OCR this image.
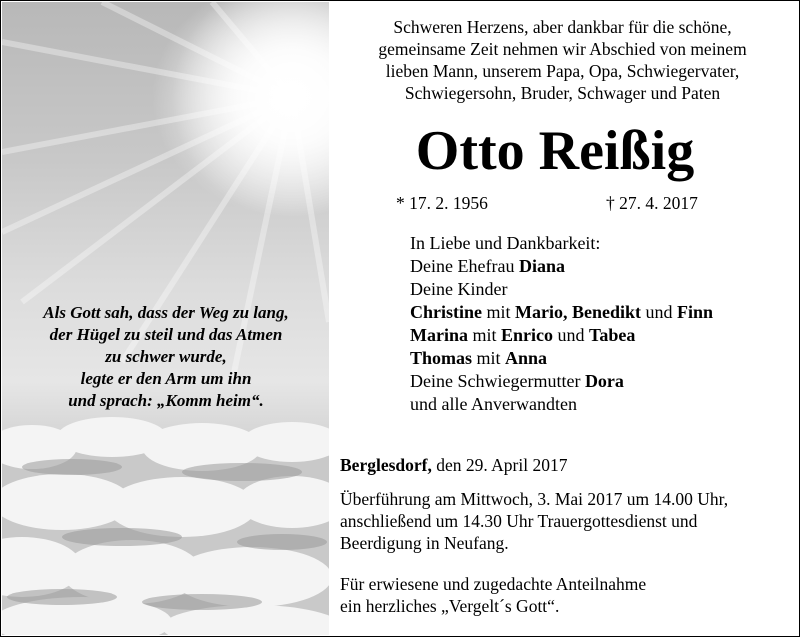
Als Gott sah, dass der Weg zu lang,
der Hügel zu steil und das Atmen
zu schwer wurde,
legte er den Arm um ihn
und sprach: „Komm heim“.
Schweren Herzens, aber dankbar für die schöne,
gemeinsame Zeit nehmen wir Abschied von meinem
lieben Mann, unserem Papa, Opa, Schwiegervater,
Schwiegersohn, Bruder, Schwager und Paten
Otto Reißig
* 17. 2. 1956	† 27. 4. 2017
In Liebe und Dankbarkeit:
Deine Ehefrau Diana
Deine Kinder
Christine mit Mario, Benedikt und Finn
Marina mit Enrico und Tabea
Thomas mit Anna
Deine Schwiegermutter Dora
und alle Anverwandten
Berglesdorf, den 29. April 2017
Überführung am Mittwoch, 3. Mai 2017 um 14.00 Uhr,
anschließend um 14.30 Uhr Trauergottesdienst und
Beerdigung in Neufang.
Für erwiesene und zugedachte Anteilnahme
ein herzliches „Vergelt´s Gott“.
